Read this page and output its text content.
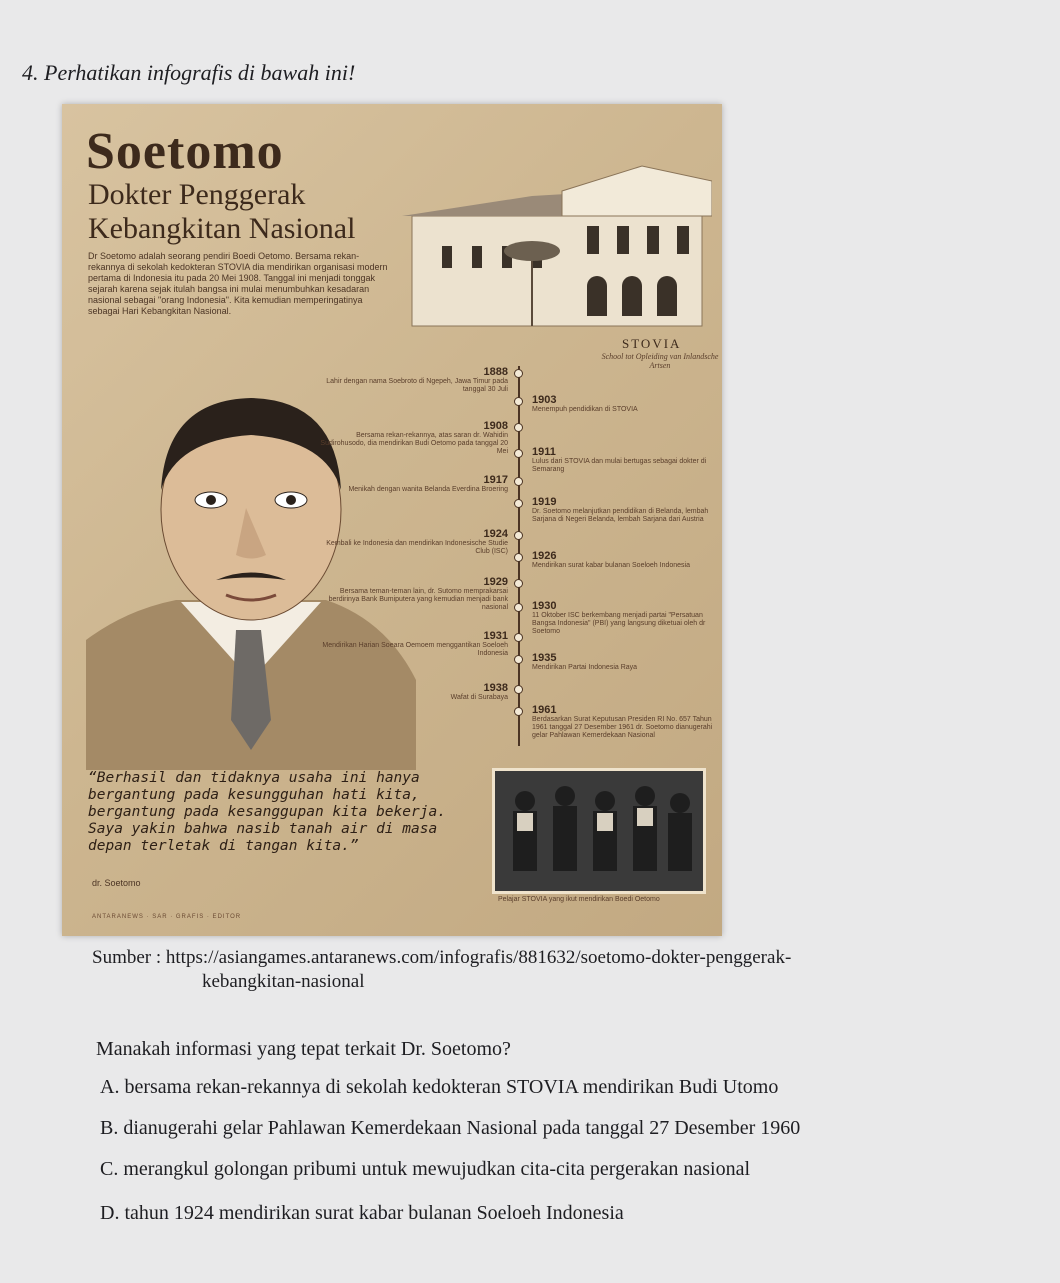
4. Perhatikan infografis di bawah ini!
Soetomo
Dokter Penggerak
Kebangkitan Nasional
Dr Soetomo adalah seorang pendiri Boedi Oetomo. Bersama rekan-rekannya di sekolah kedokteran STOVIA dia mendirikan organisasi modern pertama di Indonesia itu pada 20 Mei 1908. Tanggal ini menjadi tonggak sejarah karena sejak itulah bangsa ini mulai menumbuhkan kesadaran nasional sebagai "orang Indonesia". Kita kemudian memperingatinya sebagai Hari Kebangkitan Nasional.
STOVIA
School tot Opleiding van Inlandsche Artsen
1888
Lahir dengan nama Soebroto di Ngepeh, Jawa Timur pada tanggal 30 Juli
1908
Bersama rekan-rekannya, atas saran dr. Wahidin Sudirohusodo, dia mendirikan Budi Oetomo pada tanggal 20 Mei
1917
Menikah dengan wanita Belanda Everdina Broering
1924
Kembali ke Indonesia dan mendirikan Indonesische Studie Club (ISC)
1929
Bersama teman-teman lain, dr. Sutomo memprakarsai berdirinya Bank Bumiputera yang kemudian menjadi bank nasional
1931
Mendirikan Harian Soeara Oemoem menggantikan Soeloeh Indonesia
1938
Wafat di Surabaya
1903
Menempuh pendidikan di STOVIA
1911
Lulus dari STOVIA dan mulai bertugas sebagai dokter di Semarang
1919
Dr. Soetomo melanjutkan pendidikan di Belanda, lembah Sarjana di Negeri Belanda, lembah Sarjana dari Austria
1926
Mendirikan surat kabar bulanan Soeloeh Indonesia
1930
11 Oktober ISC berkembang menjadi partai "Persatuan Bangsa Indonesia" (PBI) yang langsung diketuai oleh dr Soetomo
1935
Mendirikan Partai Indonesia Raya
1961
Berdasarkan Surat Keputusan Presiden RI No. 657 Tahun 1961 tanggal 27 Desember 1961 dr. Soetomo dianugerahi gelar Pahlawan Kemerdekaan Nasional
“Berhasil dan tidaknya usaha ini hanya bergantung pada kesungguhan hati kita, bergantung pada kesanggupan kita bekerja. Saya yakin bahwa nasib tanah air di masa depan terletak di tangan kita.”
dr. Soetomo
Pelajar STOVIA yang ikut mendirikan Boedi Oetomo
ANTARANEWS · SAR · GRAFIS · EDITOR
Sumber : https://asiangames.antaranews.com/infografis/881632/soetomo-dokter-penggerak-
kebangkitan-nasional
Manakah informasi yang tepat terkait Dr. Soetomo?
A. bersama rekan-rekannya di sekolah kedokteran STOVIA mendirikan Budi Utomo
B. dianugerahi gelar Pahlawan Kemerdekaan Nasional pada tanggal 27 Desember 1960
C. merangkul golongan pribumi untuk mewujudkan cita-cita pergerakan nasional
D. tahun 1924 mendirikan surat kabar bulanan Soeloeh Indonesia
